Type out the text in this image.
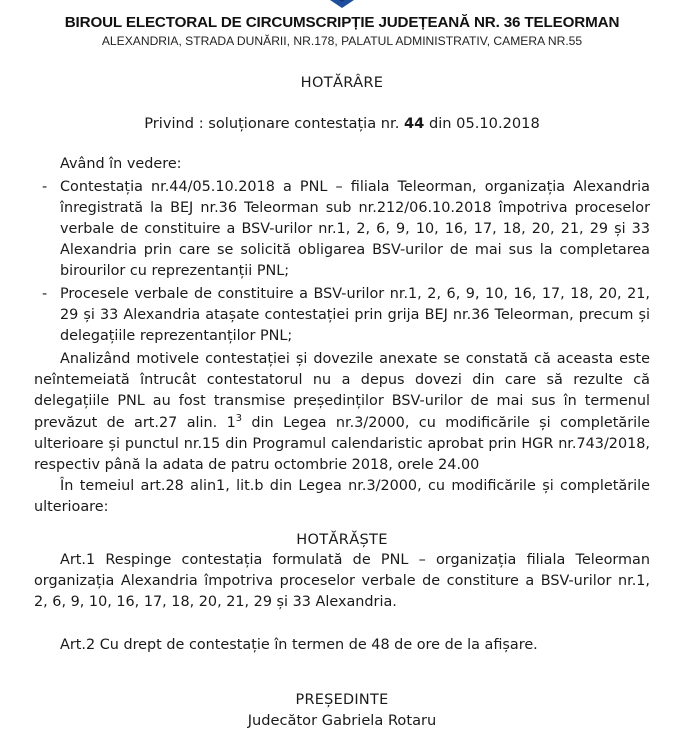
BIROUL ELECTORAL DE CIRCUMSCRIPȚIE JUDEȚEANĂ NR. 36 TELEORMAN
ALEXANDRIA, STRADA DUNĂRII, NR.178, PALATUL ADMINISTRATIV, CAMERA NR.55
HOTĂRÂRE
Privind : soluționare contestația nr. 44 din 05.10.2018

Având în vedere:

- Contestația nr.44/05.10.2018 a PNL – filiala Teleorman, organizația Alexandria înregistrată la BEJ nr.36 Teleorman sub nr.212/06.10.2018 împotriva proceselor verbale de constituire a BSV-urilor nr.1, 2, 6, 9, 10, 16, 17, 18, 20, 21, 29 și 33 Alexandria prin care se solicită obligarea BSV-urilor de mai sus la completarea birourilor cu reprezentanții PNL;
- Procesele verbale de constituire a BSV-urilor nr.1, 2, 6, 9, 10, 16, 17, 18, 20, 21, 29 și 33 Alexandria atașate contestației prin grija BEJ nr.36 Teleorman, precum și delegațiile reprezentanților PNL;

Analizând motivele contestației și dovezile anexate se constată că aceasta este neîntemeiată întrucât contestatorul nu a depus dovezi din care să rezulte că delegațiile PNL au fost transmise președinților BSV-urilor de mai sus în termenul prevăzut de art.27 alin. $1^3$ din Legea nr.3/2000, cu modificările și completările ulterioare și punctul nr.15 din Programul calendaristic aprobat prin HGR nr.743/2018, respectiv până la adata de patru octombrie 2018, orele 24.00

În temeiul art.28 alin1, lit.b din Legea nr.3/2000, cu modificările și completările ulterioare:

HOTĂRĂȘTE

Art.1 Respinge contestația formulată de PNL – organizația filiala Teleorman organizația Alexandria împotriva proceselor verbale de constiture a BSV-urilor nr.1, 2, 6, 9, 10, 16, 17, 18, 20, 21, 29 și 33 Alexandria.

Art.2 Cu drept de contestație în termen de 48 de ore de la afișare.

PREȘEDINTE

Judecător Gabriela Rotaru
